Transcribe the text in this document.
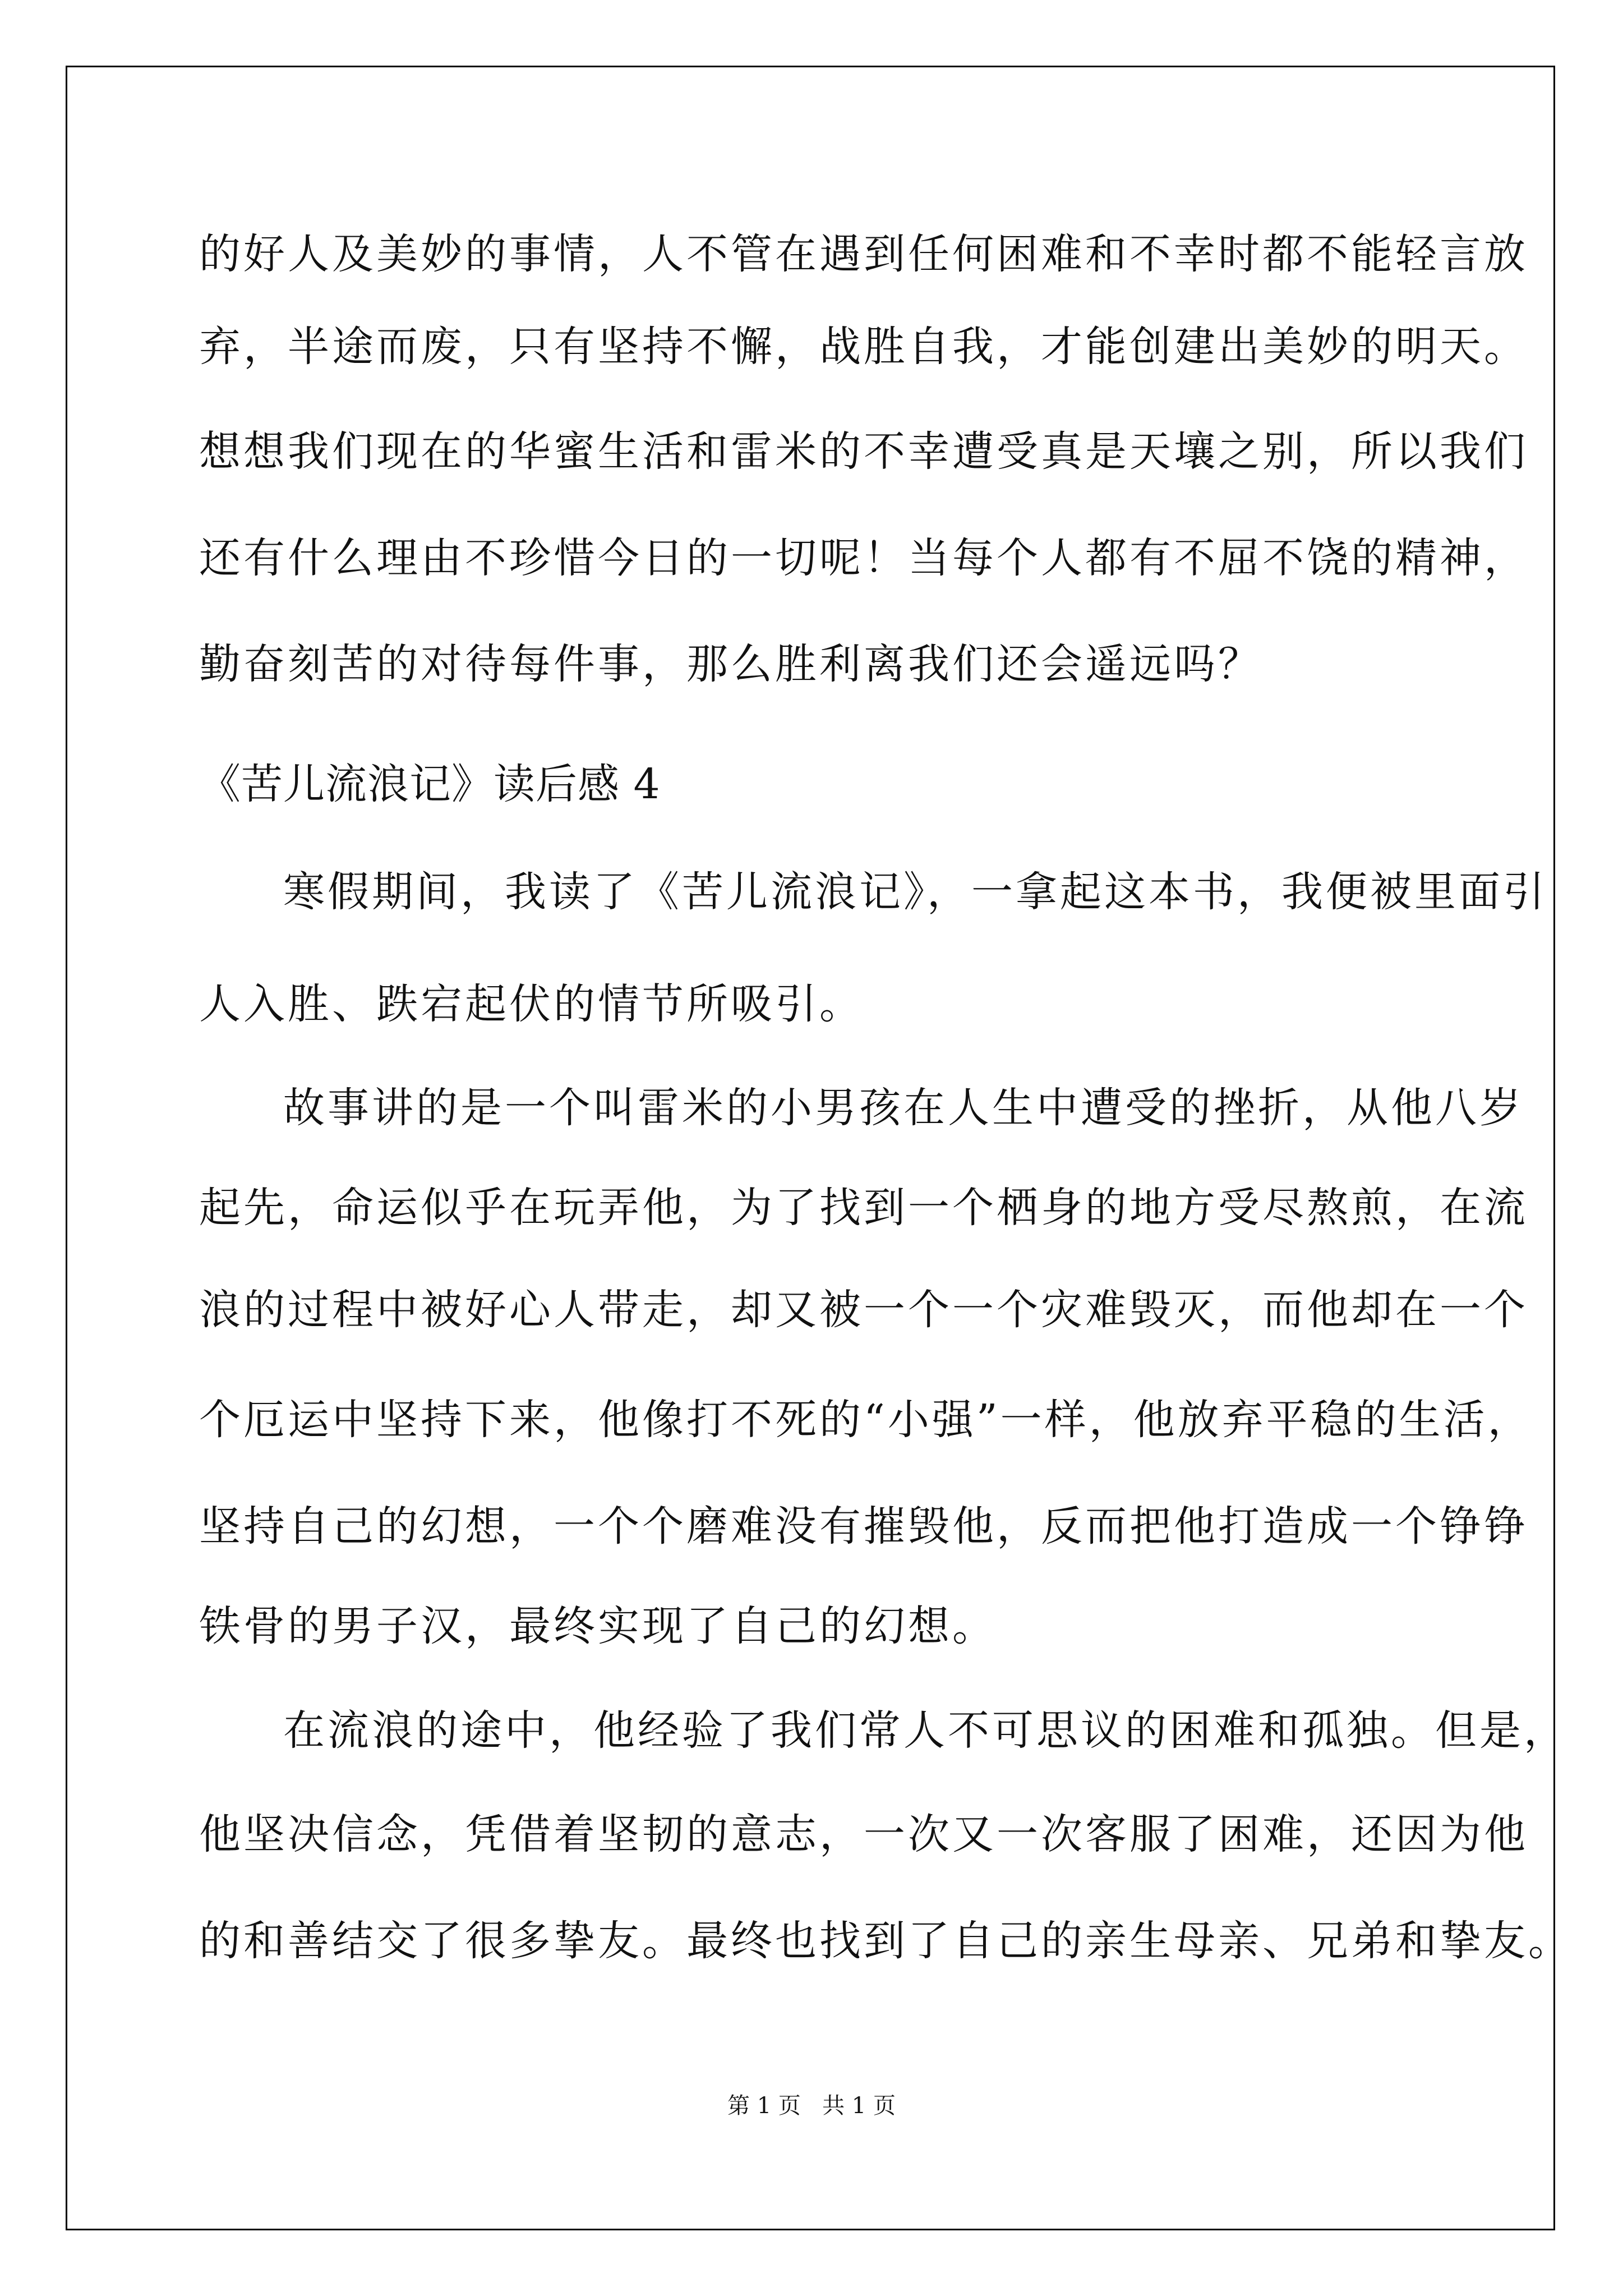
的好人及美妙的事情，人不管在遇到任何困难和不幸时都不能轻言放
弃，半途而废，只有坚持不懈，战胜自我，才能创建出美妙的明天。
想想我们现在的华蜜生活和雷米的不幸遭受真是天壤之别，所以我们
还有什么理由不珍惜今日的一切呢！当每个人都有不屈不饶的精神，
勤奋刻苦的对待每件事，那么胜利离我们还会遥远吗？
《苦儿流浪记》读后感 4
寒假期间，我读了《苦儿流浪记》，一拿起这本书，我便被里面引
人入胜、跌宕起伏的情节所吸引。
故事讲的是一个叫雷米的小男孩在人生中遭受的挫折，从他八岁
起先，命运似乎在玩弄他，为了找到一个栖身的地方受尽熬煎，在流
浪的过程中被好心人带走，却又被一个一个灾难毁灭，而他却在一个
个厄运中坚持下来，他像打不死的“小强”一样，他放弃平稳的生活，
坚持自己的幻想，一个个磨难没有摧毁他，反而把他打造成一个铮铮
铁骨的男子汉，最终实现了自己的幻想。
在流浪的途中，他经验了我们常人不可思议的困难和孤独。但是，
他坚决信念，凭借着坚韧的意志，一次又一次客服了困难，还因为他
的和善结交了很多挚友。最终也找到了自己的亲生母亲、兄弟和挚友。
第 1 页   共 1 页
